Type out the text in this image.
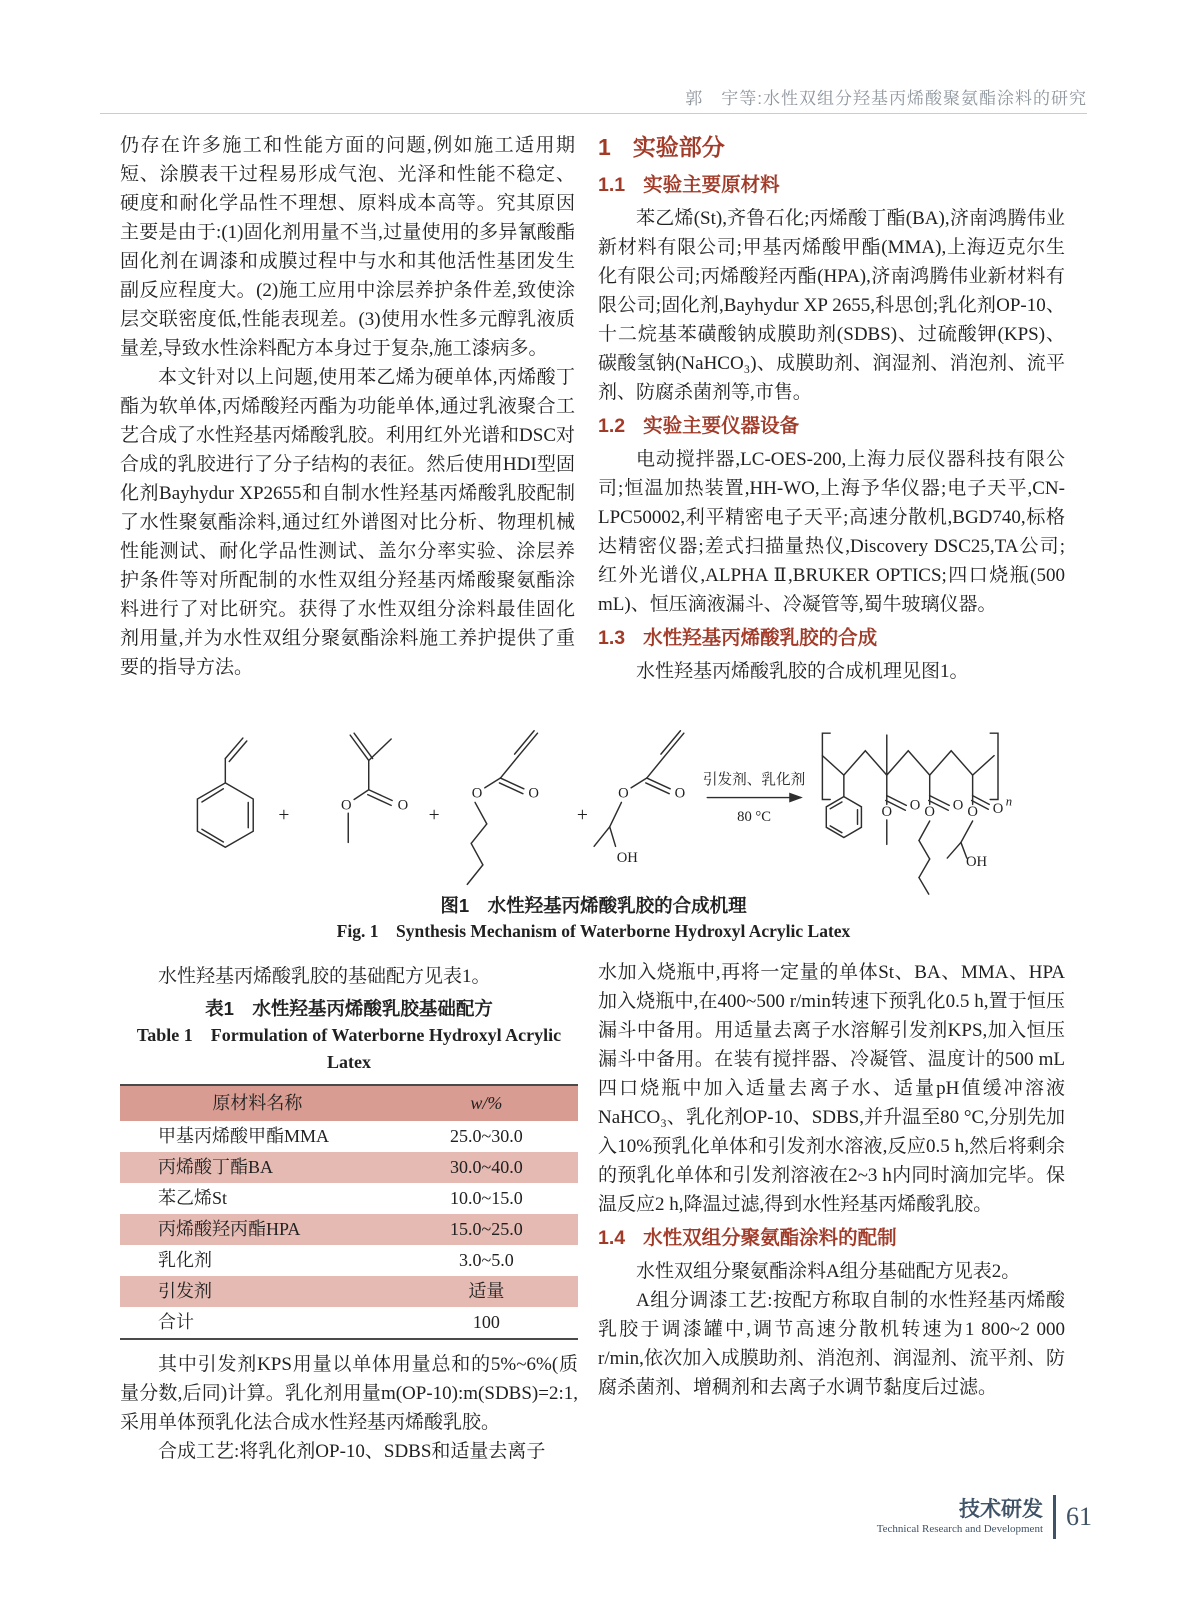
郭　宇等:水性双组分羟基丙烯酸聚氨酯涂料的研究

仍存在许多施工和性能方面的问题,例如施工适用期短、涂膜表干过程易形成气泡、光泽和性能不稳定、硬度和耐化学品性不理想、原料成本高等。究其原因主要是由于:(1)固化剂用量不当,过量使用的多异氰酸酯固化剂在调漆和成膜过程中与水和其他活性基团发生副反应程度大。(2)施工应用中涂层养护条件差,致使涂层交联密度低,性能表现差。(3)使用水性多元醇乳液质量差,导致水性涂料配方本身过于复杂,施工漆病多。

本文针对以上问题,使用苯乙烯为硬单体,丙烯酸丁酯为软单体,丙烯酸羟丙酯为功能单体,通过乳液聚合工艺合成了水性羟基丙烯酸乳胶。利用红外光谱和DSC对合成的乳胶进行了分子结构的表征。然后使用HDI型固化剂Bayhydur XP2655和自制水性羟基丙烯酸乳胶配制了水性聚氨酯涂料,通过红外谱图对比分析、物理机械性能测试、耐化学品性测试、盖尔分率实验、涂层养护条件等对所配制的水性双组分羟基丙烯酸聚氨酯涂料进行了对比研究。获得了水性双组分涂料最佳固化剂用量,并为水性双组分聚氨酯涂料施工养护提供了重要的指导方法。

1 实验部分
1.1 实验主要原材料

苯乙烯(St),齐鲁石化;丙烯酸丁酯(BA),济南鸿腾伟业新材料有限公司;甲基丙烯酸甲酯(MMA),上海迈克尔生化有限公司;丙烯酸羟丙酯(HPA),济南鸿腾伟业新材料有限公司;固化剂,Bayhydur XP 2655,科思创;乳化剂OP-10、十二烷基苯磺酸钠成膜助剂(SDBS)、过硫酸钾(KPS)、碳酸氢钠(NaHCO₃)、成膜助剂、润湿剂、消泡剂、流平剂、防腐杀菌剂等,市售。

1.2 实验主要仪器设备

电动搅拌器,LC-OES-200,上海力辰仪器科技有限公司;恒温加热装置,HH-WO,上海予华仪器;电子天平,CN-LPC50002,利平精密电子天平;高速分散机,BGD740,标格达精密仪器;差式扫描量热仪,Discovery DSC25,TA公司;红外光谱仪,ALPHA Ⅱ,BRUKER OPTICS;四口烧瓶(500 mL)、恒压滴液漏斗、冷凝管等,蜀牛玻璃仪器。

1.3 水性羟基丙烯酸乳胶的合成

水性羟基丙烯酸乳胶的合成机理见图1。

+	O	O +
O	O
+
O	O
OH
引发剂、乳化剂
80 °C
O
O	O
O	O
O
OH
n
图1　水性羟基丙烯酸乳胶的合成机理
Fig. 1　Synthesis Mechanism of Waterborne Hydroxyl Acrylic Latex

水性羟基丙烯酸乳胶的基础配方见表1。

表1　水性羟基丙烯酸乳胶基础配方
Table 1　Formulation of Waterborne Hydroxyl Acrylic Latex
原材料名称	w/%
甲基丙烯酸甲酯MMA	25.0~30.0
丙烯酸丁酯BA	30.0~40.0
苯乙烯St	10.0~15.0
丙烯酸羟丙酯HPA	15.0~25.0
乳化剂	3.0~5.0
引发剂	适量
合计	100

其中引发剂KPS用量以单体用量总和的5%~6%(质量分数,后同)计算。乳化剂用量m(OP-10):m(SDBS)=2:1,采用单体预乳化法合成水性羟基丙烯酸乳胶。

合成工艺:将乳化剂OP-10、SDBS和适量去离子

水加入烧瓶中,再将一定量的单体St、BA、MMA、HPA加入烧瓶中,在400~500 r/min转速下预乳化0.5 h,置于恒压漏斗中备用。用适量去离子水溶解引发剂KPS,加入恒压漏斗中备用。在装有搅拌器、冷凝管、温度计的500 mL四口烧瓶中加入适量去离子水、适量pH值缓冲溶液NaHCO₃、乳化剂OP-10、SDBS,并升温至80 °C,分别先加入10%预乳化单体和引发剂水溶液,反应0.5 h,然后将剩余的预乳化单体和引发剂溶液在2~3 h内同时滴加完毕。保温反应2 h,降温过滤,得到水性羟基丙烯酸乳胶。

1.4 水性双组分聚氨酯涂料的配制

水性双组分聚氨酯涂料A组分基础配方见表2。

A组分调漆工艺:按配方称取自制的水性羟基丙烯酸乳胶于调漆罐中,调节高速分散机转速为1 800~2 000 r/min,依次加入成膜助剂、消泡剂、润湿剂、流平剂、防腐杀菌剂、增稠剂和去离子水调节黏度后过滤。

技术研发
Technical Research and Development 61
